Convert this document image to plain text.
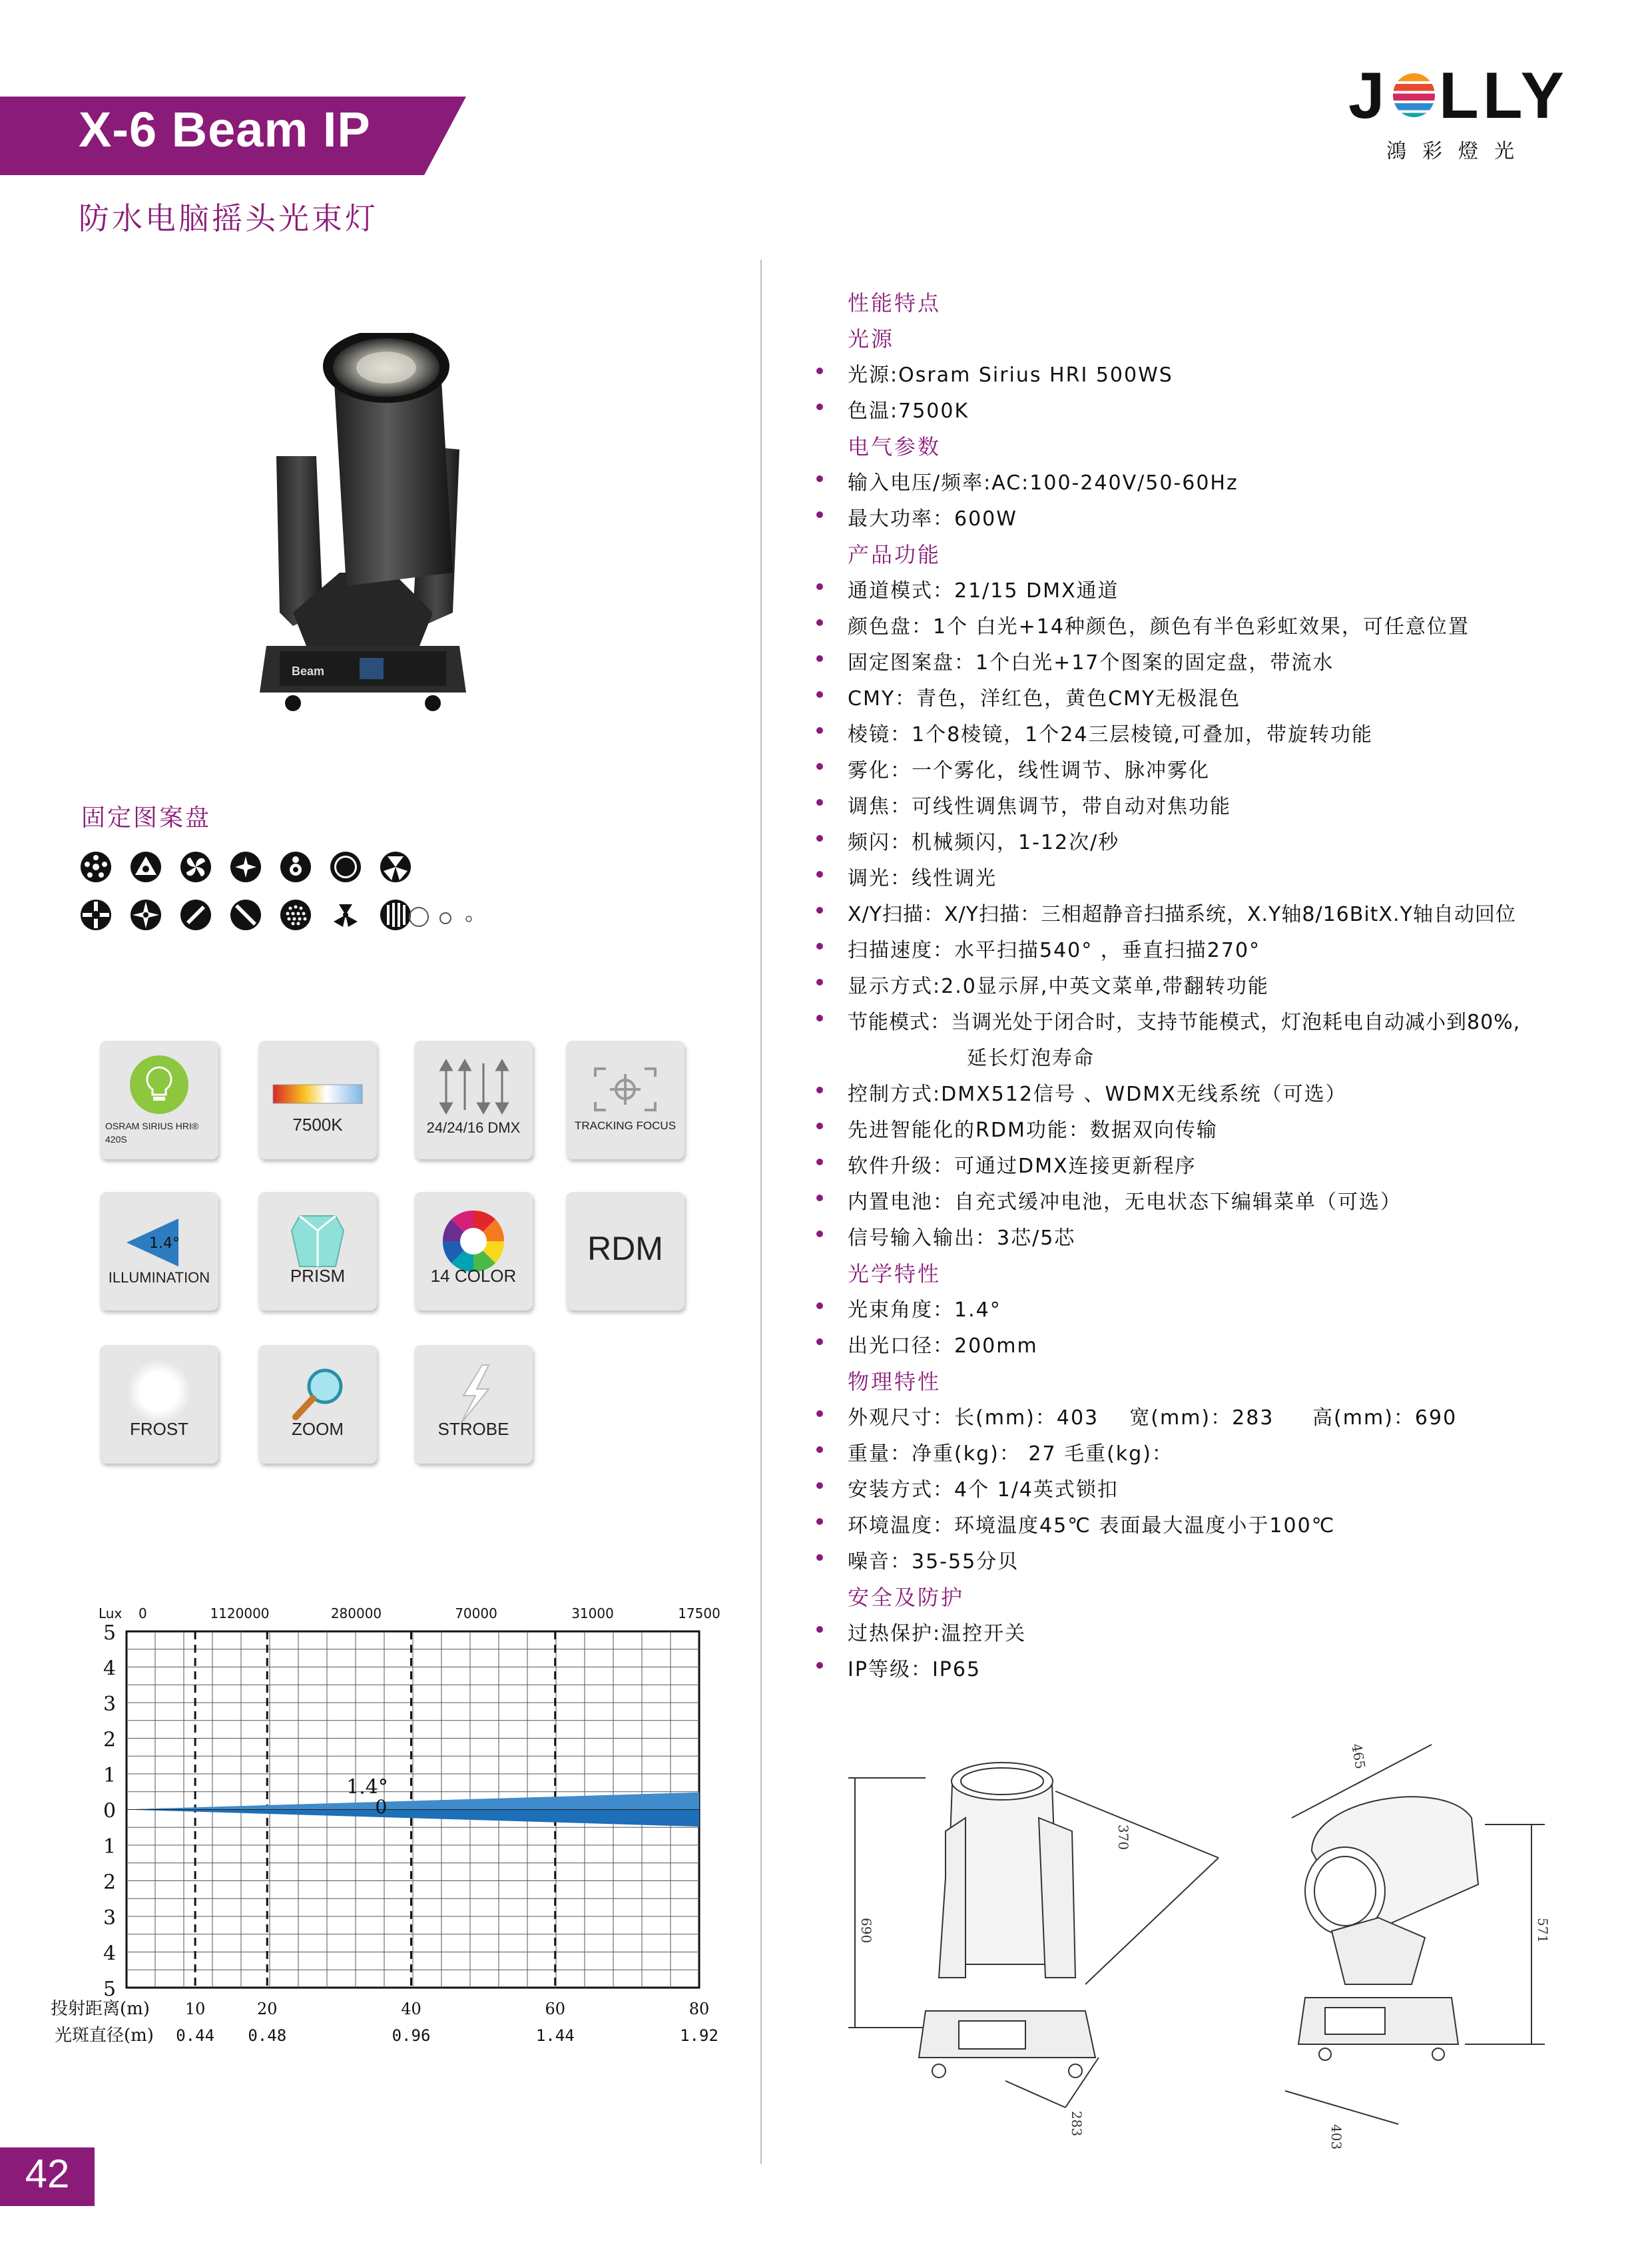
X-6 Beam IP
防水电脑摇头光束灯
J LLY
鴻彩燈光
Beam
固定图案盘
OSRAM SIRIUS HRI® 420S
7500K	24/24/16 DMX	TRACKING FOCUS
1.4°
ILLUMINATION	PRISM	14 COLOR
RDM
FROST	ZOOM	STROBE
性能特点
光源
光源:Osram Sirius HRI 500WS
色温:7500K
电气参数
输入电压/频率:AC:100-240V/50-60Hz
最大功率：600W
产品功能
通道模式：21/15 DMX通道
颜色盘：1个 白光+14种颜色，颜色有半色彩虹效果，可任意位置
固定图案盘：1个白光+17个图案的固定盘，带流水
CMY：青色，洋红色，黄色CMY无极混色
棱镜：1个8棱镜，1个24三层棱镜,可叠加，带旋转功能
雾化：一个雾化，线性调节、脉冲雾化
调焦：可线性调焦调节，带自动对焦功能
频闪：机械频闪，1-12次/秒
调光：线性调光
X/Y扫描：X/Y扫描：三相超静音扫描系统，X.Y轴8/16BitX.Y轴自动回位
扫描速度：水平扫描540° ，垂直扫描270°
显示方式:2.0显示屏,中英文菜单,带翻转功能
节能模式：当调光处于闭合时，支持节能模式，灯泡耗电自动减小到80%,
延长灯泡寿命
控制方式:DMX512信号 、WDMX无线系统（可选）
先进智能化的RDM功能：数据双向传输
软件升级：可通过DMX连接更新程序
内置电池：自充式缓冲电池，无电状态下编辑菜单（可选）
信号输入输出：3芯/5芯
光学特性
光束角度：1.4°
出光口径：200mm
物理特性
外观尺寸：长(mm)：403    宽(mm)：283     高(mm)：690
重量：净重(kg)： 27 毛重(kg)：
安装方式：4个 1/4英式锁扣
环境温度：环境温度45℃ 表面最大温度小于100℃
噪音：35-55分贝
安全及防护
过热保护:温控开关
IP等级：IP65
5
4
3
2
1
0
1
2
3
4
5
Lux 0	1120000	280000	70000	31000	17500
投射距离(m) 10	20	40	60	80
光斑直径(m) 0.44 0.48	0.96	1.44	1.92
1.4°
0
690
370
283
465
571
403
42
